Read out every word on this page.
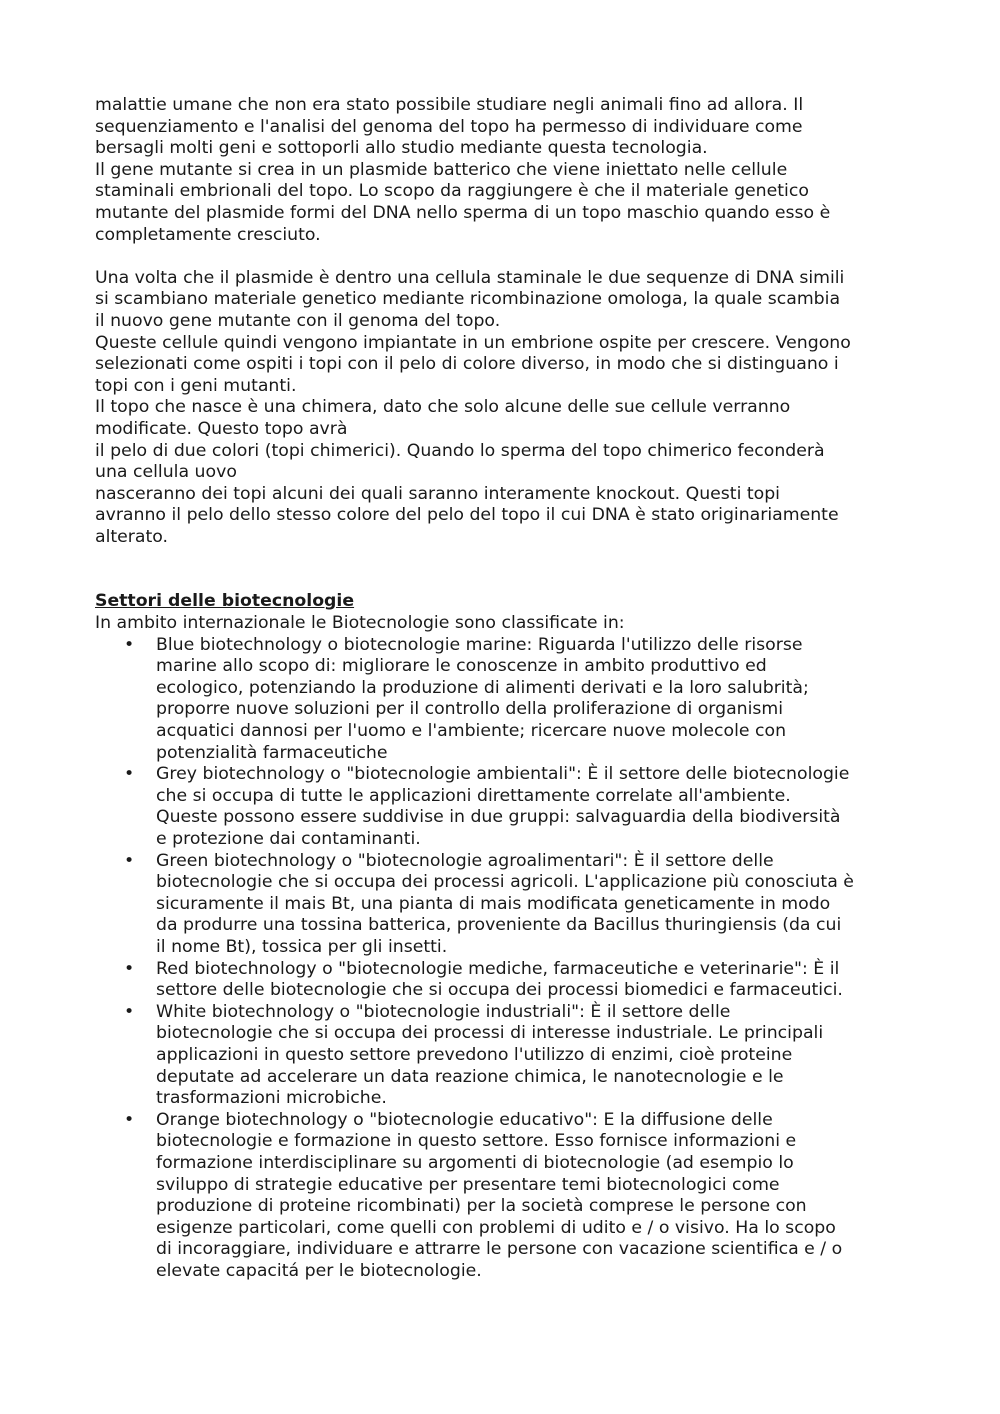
malattie umane che non era stato possibile studiare negli animali fino ad allora. Il
sequenziamento e l'analisi del genoma del topo ha permesso di individuare come
bersagli molti geni e sottoporli allo studio mediante questa tecnologia.
Il gene mutante si crea in un plasmide batterico che viene iniettato nelle cellule
staminali embrionali del topo. Lo scopo da raggiungere è che il materiale genetico
mutante del plasmide formi del DNA nello sperma di un topo maschio quando esso è
completamente cresciuto.

Una volta che il plasmide è dentro una cellula staminale le due sequenze di DNA simili
si scambiano materiale genetico mediante ricombinazione omologa, la quale scambia
il nuovo gene mutante con il genoma del topo.
Queste cellule quindi vengono impiantate in un embrione ospite per crescere. Vengono
selezionati come ospiti i topi con il pelo di colore diverso, in modo che si distinguano i
topi con i geni mutanti.
Il topo che nasce è una chimera, dato che solo alcune delle sue cellule verranno
modificate. Questo topo avrà
il pelo di due colori (topi chimerici). Quando lo sperma del topo chimerico feconderà
una cellula uovo
nasceranno dei topi alcuni dei quali saranno interamente knockout. Questi topi
avranno il pelo dello stesso colore del pelo del topo il cui DNA è stato originariamente
alterato.

Settori delle biotecnologie
In ambito internazionale le Biotecnologie sono classificate in:
• Blue biotechnology o biotecnologie marine: Riguarda l'utilizzo delle risorse
marine allo scopo di: migliorare le conoscenze in ambito produttivo ed
ecologico, potenziando la produzione di alimenti derivati e la loro salubrità;
proporre nuove soluzioni per il controllo della proliferazione di organismi
acquatici dannosi per l'uomo e l'ambiente; ricercare nuove molecole con
potenzialità farmaceutiche
• Grey biotechnology o "biotecnologie ambientali": È il settore delle biotecnologie
che si occupa di tutte le applicazioni direttamente correlate all'ambiente.
Queste possono essere suddivise in due gruppi: salvaguardia della biodiversità
e protezione dai contaminanti.
• Green biotechnology o "biotecnologie agroalimentari": È il settore delle
biotecnologie che si occupa dei processi agricoli. L'applicazione più conosciuta è
sicuramente il mais Bt, una pianta di mais modificata geneticamente in modo
da produrre una tossina batterica, proveniente da Bacillus thuringiensis (da cui
il nome Bt), tossica per gli insetti.
• Red biotechnology o "biotecnologie mediche, farmaceutiche e veterinarie": È il
settore delle biotecnologie che si occupa dei processi biomedici e farmaceutici.
• White biotechnology o "biotecnologie industriali": È il settore delle
biotecnologie che si occupa dei processi di interesse industriale. Le principali
applicazioni in questo settore prevedono l'utilizzo di enzimi, cioè proteine
deputate ad accelerare un data reazione chimica, le nanotecnologie e le
trasformazioni microbiche.
• Orange biotechnology o "biotecnologie educativo": E la diffusione delle
biotecnologie e formazione in questo settore. Esso fornisce informazioni e
formazione interdisciplinare su argomenti di biotecnologie (ad esempio lo
sviluppo di strategie educative per presentare temi biotecnologici come
produzione di proteine ricombinati) per la società comprese le persone con
esigenze particolari, come quelli con problemi di udito e / o visivo. Ha lo scopo
di incoraggiare, individuare e attrarre le persone con vacazione scientifica e / o
elevate capacitá per le biotecnologie.
